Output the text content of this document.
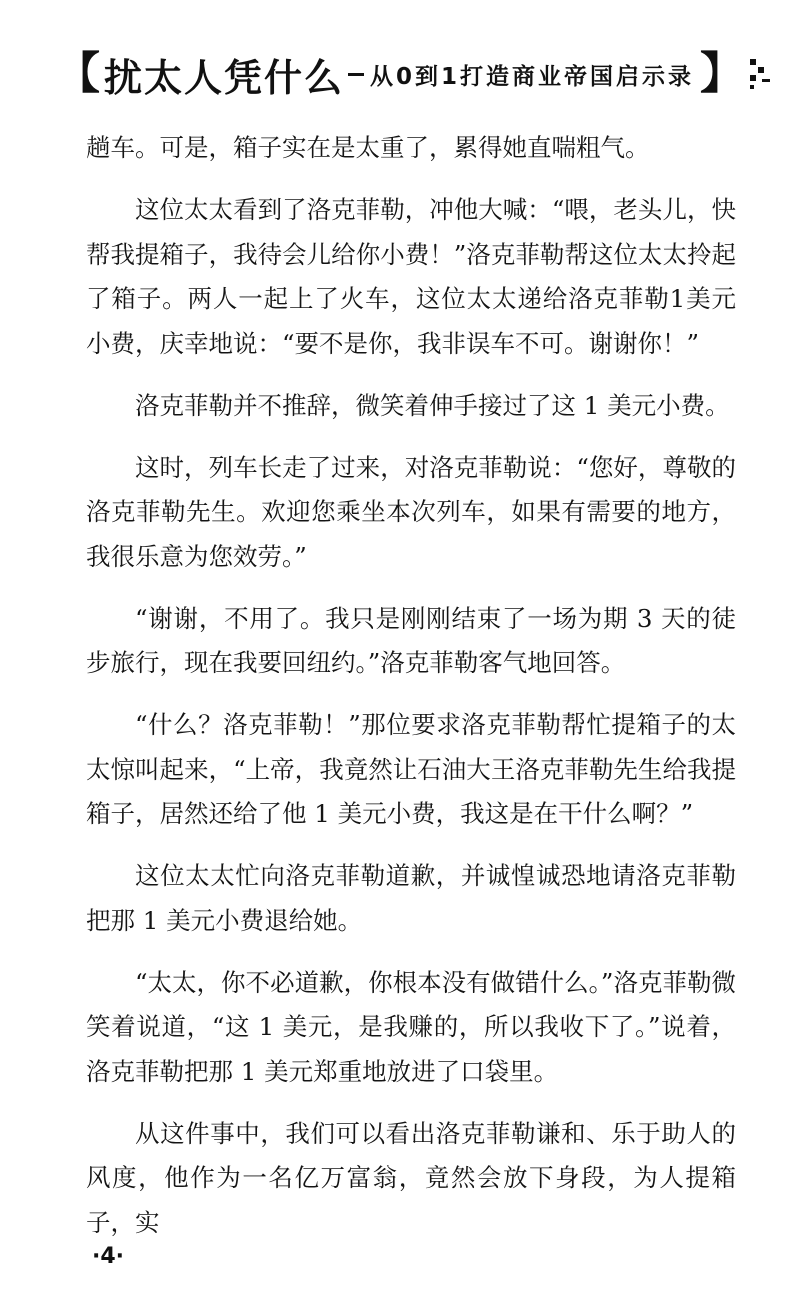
【 扰太人凭什么 从0到1打造商业帝国启示录 】

趟车。可是，箱子实在是太重了，累得她直喘粗气。

这位太太看到了洛克菲勒，冲他大喊：“喂，老头儿，快帮我提箱子，我待会儿给你小费！”洛克菲勒帮这位太太拎起了箱子。两人一起上了火车，这位太太递给洛克菲勒1美元小费，庆幸地说：“要不是你，我非误车不可。谢谢你！”

洛克菲勒并不推辞，微笑着伸手接过了这 1 美元小费。

这时，列车长走了过来，对洛克菲勒说：“您好，尊敬的洛克菲勒先生。欢迎您乘坐本次列车，如果有需要的地方，我很乐意为您效劳。”

“谢谢，不用了。我只是刚刚结束了一场为期 3 天的徒步旅行，现在我要回纽约。”洛克菲勒客气地回答。

“什么？洛克菲勒！”那位要求洛克菲勒帮忙提箱子的太太惊叫起来，“上帝，我竟然让石油大王洛克菲勒先生给我提箱子，居然还给了他 1 美元小费，我这是在干什么啊？”

这位太太忙向洛克菲勒道歉，并诚惶诚恐地请洛克菲勒把那 1 美元小费退给她。

“太太，你不必道歉，你根本没有做错什么。”洛克菲勒微笑着说道，“这 1 美元，是我赚的，所以我收下了。”说着，洛克菲勒把那 1 美元郑重地放进了口袋里。

从这件事中，我们可以看出洛克菲勒谦和、乐于助人的风度，他作为一名亿万富翁，竟然会放下身段，为人提箱子，实

·4·
